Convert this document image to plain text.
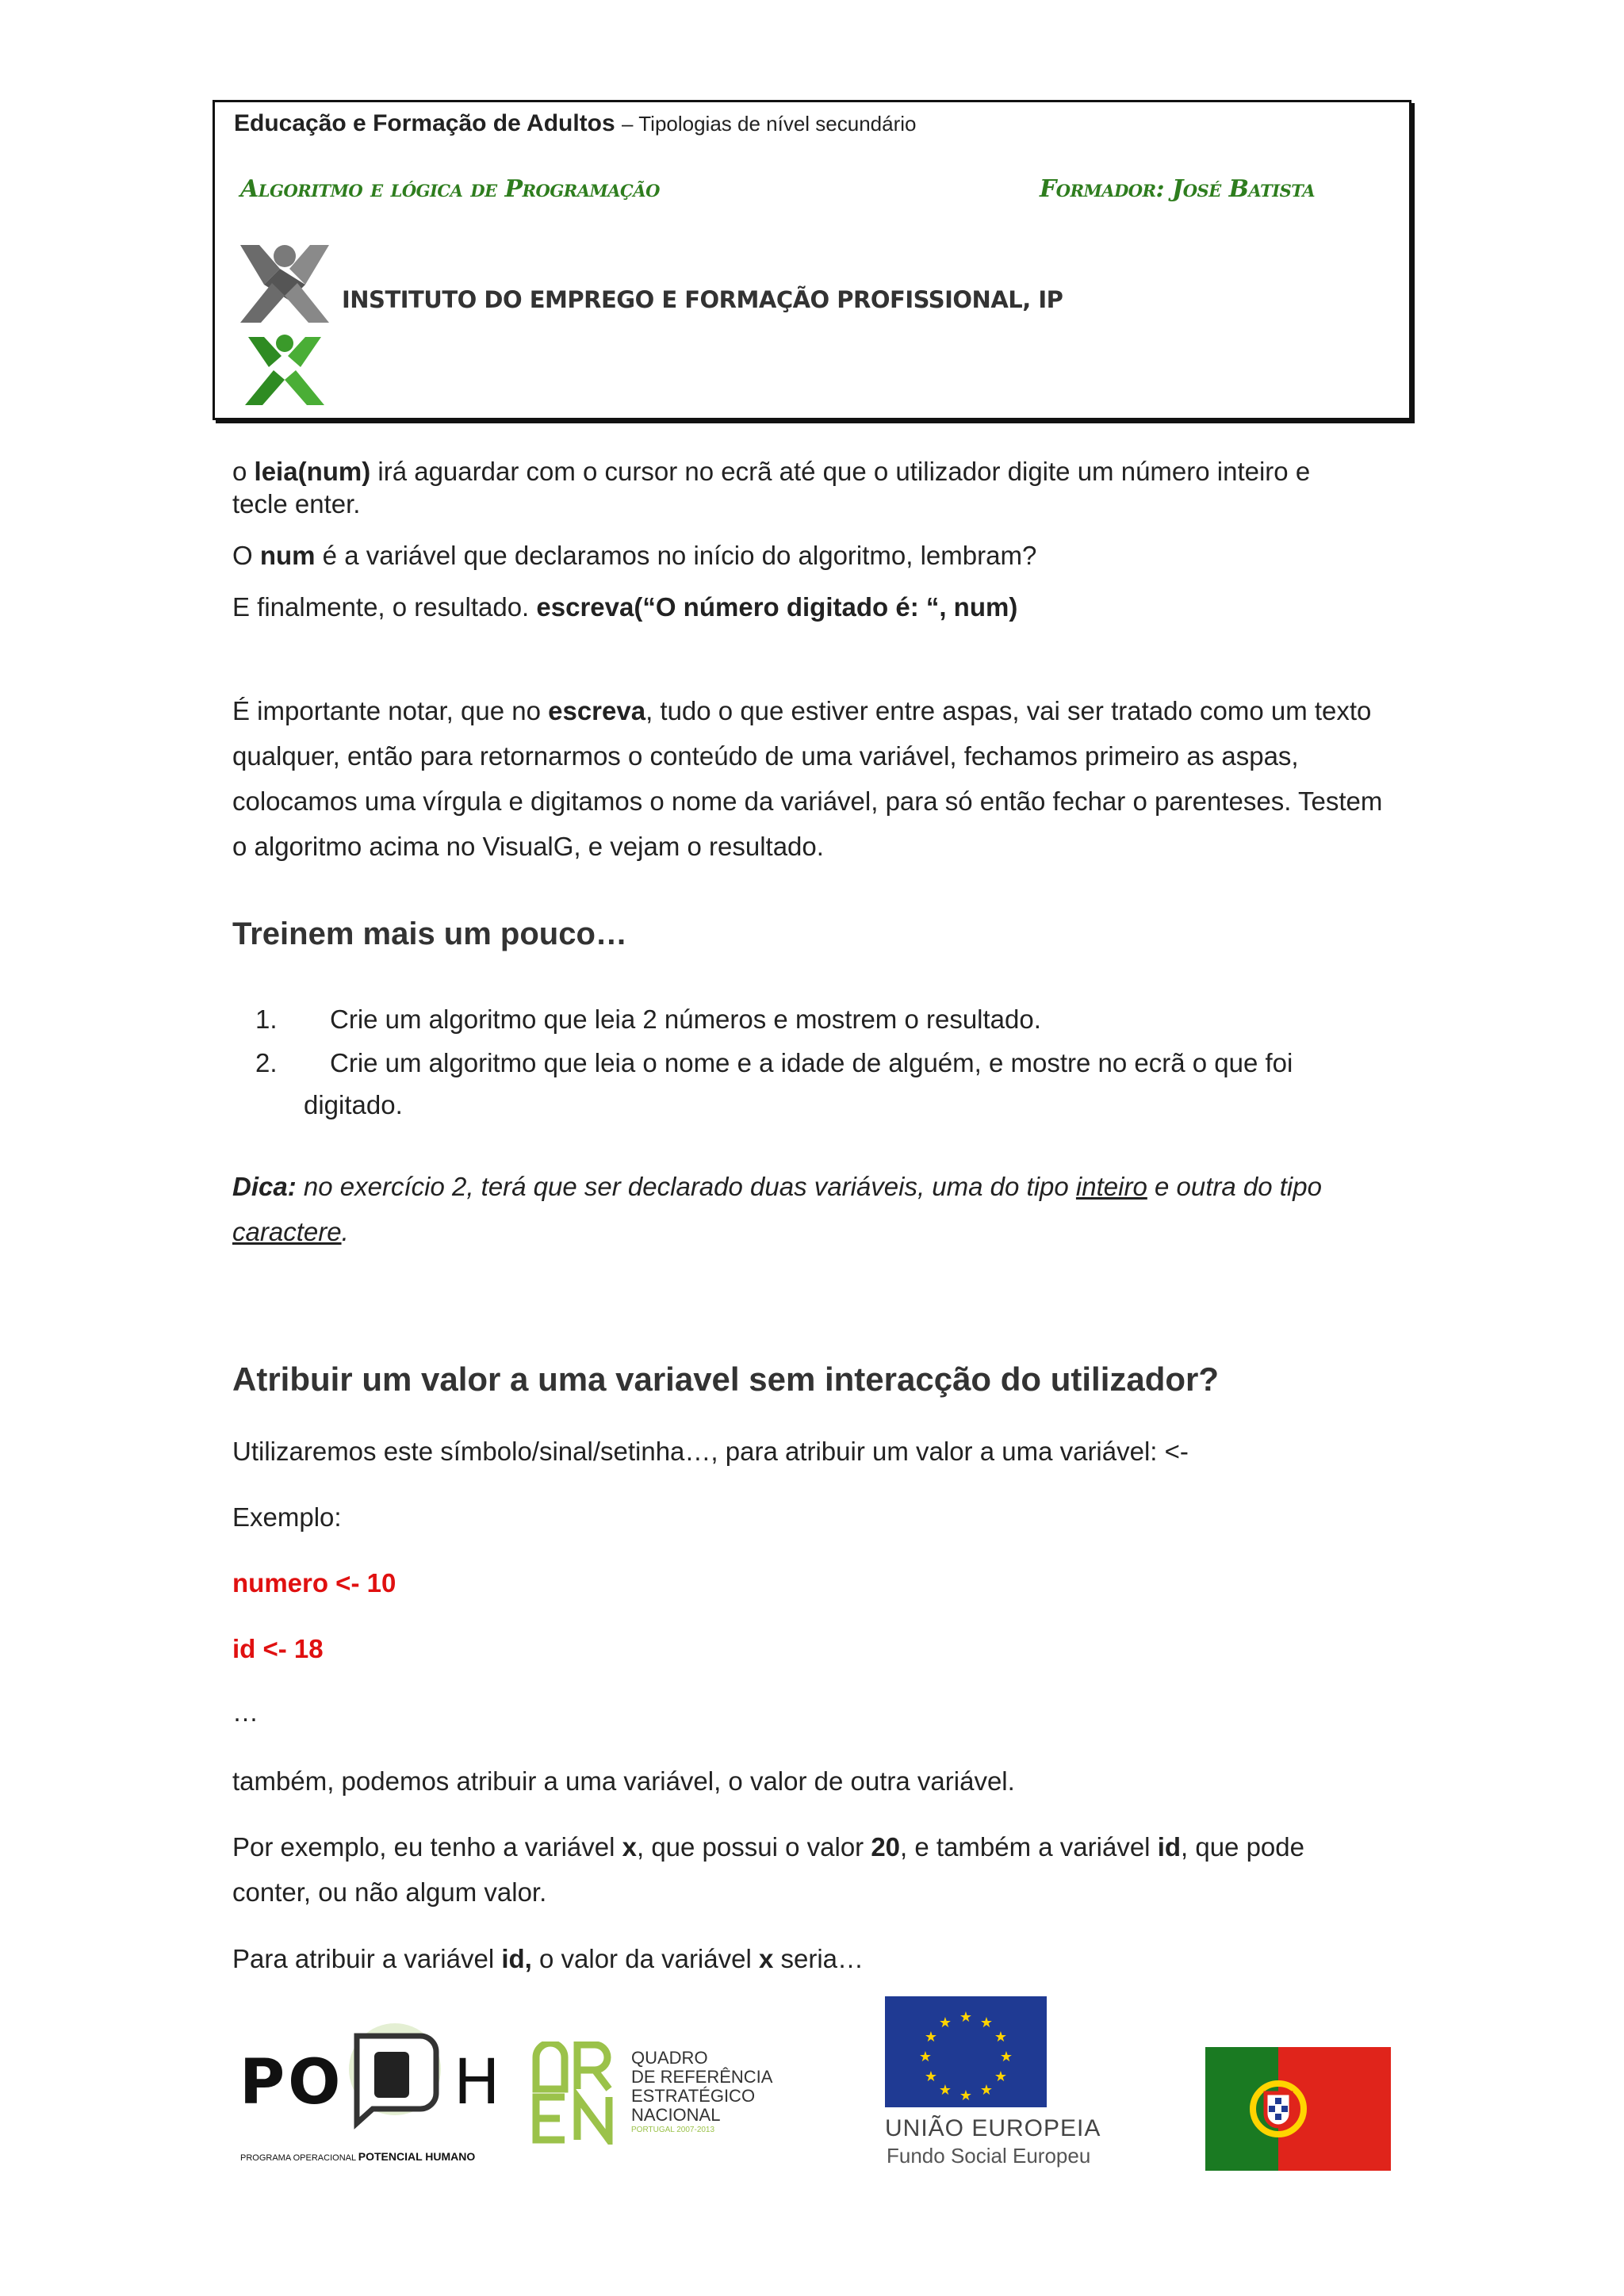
Educação e Formação de Adultos – Tipologias de nível secundário
Algoritmo e lógica de Programação	Formador: José Batista
INSTITUTO DO EMPREGO E FORMAÇÃO PROFISSIONAL, IP
o leia(num) irá aguardar com o cursor no ecrã até que o utilizador digite um número inteiro e
tecle enter.
O num é a variável que declaramos no início do algoritmo, lembram?
E finalmente, o resultado. escreva(“O número digitado é: “, num)
É importante notar, que no escreva, tudo o que estiver entre aspas, vai ser tratado como um texto qualquer, então para retornarmos o conteúdo de uma variável, fechamos primeiro as aspas, colocamos uma vírgula e digitamos o nome da variável, para só então fechar o parenteses. Testem o algoritmo acima no VisualG, e vejam o resultado.
Treinem mais um pouco…
1. Crie um algoritmo que leia 2 números e mostrem o resultado.
2. Crie um algoritmo que leia o nome e a idade de alguém, e mostre no ecrã o que foi
digitado.
Dica: no exercício 2, terá que ser declarado duas variáveis, uma do tipo inteiro e outra do tipo
caractere.
Atribuir um valor a uma variavel sem interacção do utilizador?
Utilizaremos este símbolo/sinal/setinha…, para atribuir um valor a uma variável: <-
Exemplo:
numero <- 10
id <- 18
…
também, podemos atribuir a uma variável, o valor de outra variável.
Por exemplo, eu tenho a variável x, que possui o valor 20, e também a variável id, que pode
conter, ou não algum valor.
Para atribuir a variável id, o valor da variável x seria…
PO H
PROGRAMA OPERACIONAL POTENCIAL HUMANO
QUADRO
DE REFERÊNCIA
ESTRATÉGICO
NACIONAL
PORTUGAL 2007-2013
★ ★
★
★
★
★
★
★
★
★
★
★
UNIÃO EUROPEIA
Fundo Social Europeu
